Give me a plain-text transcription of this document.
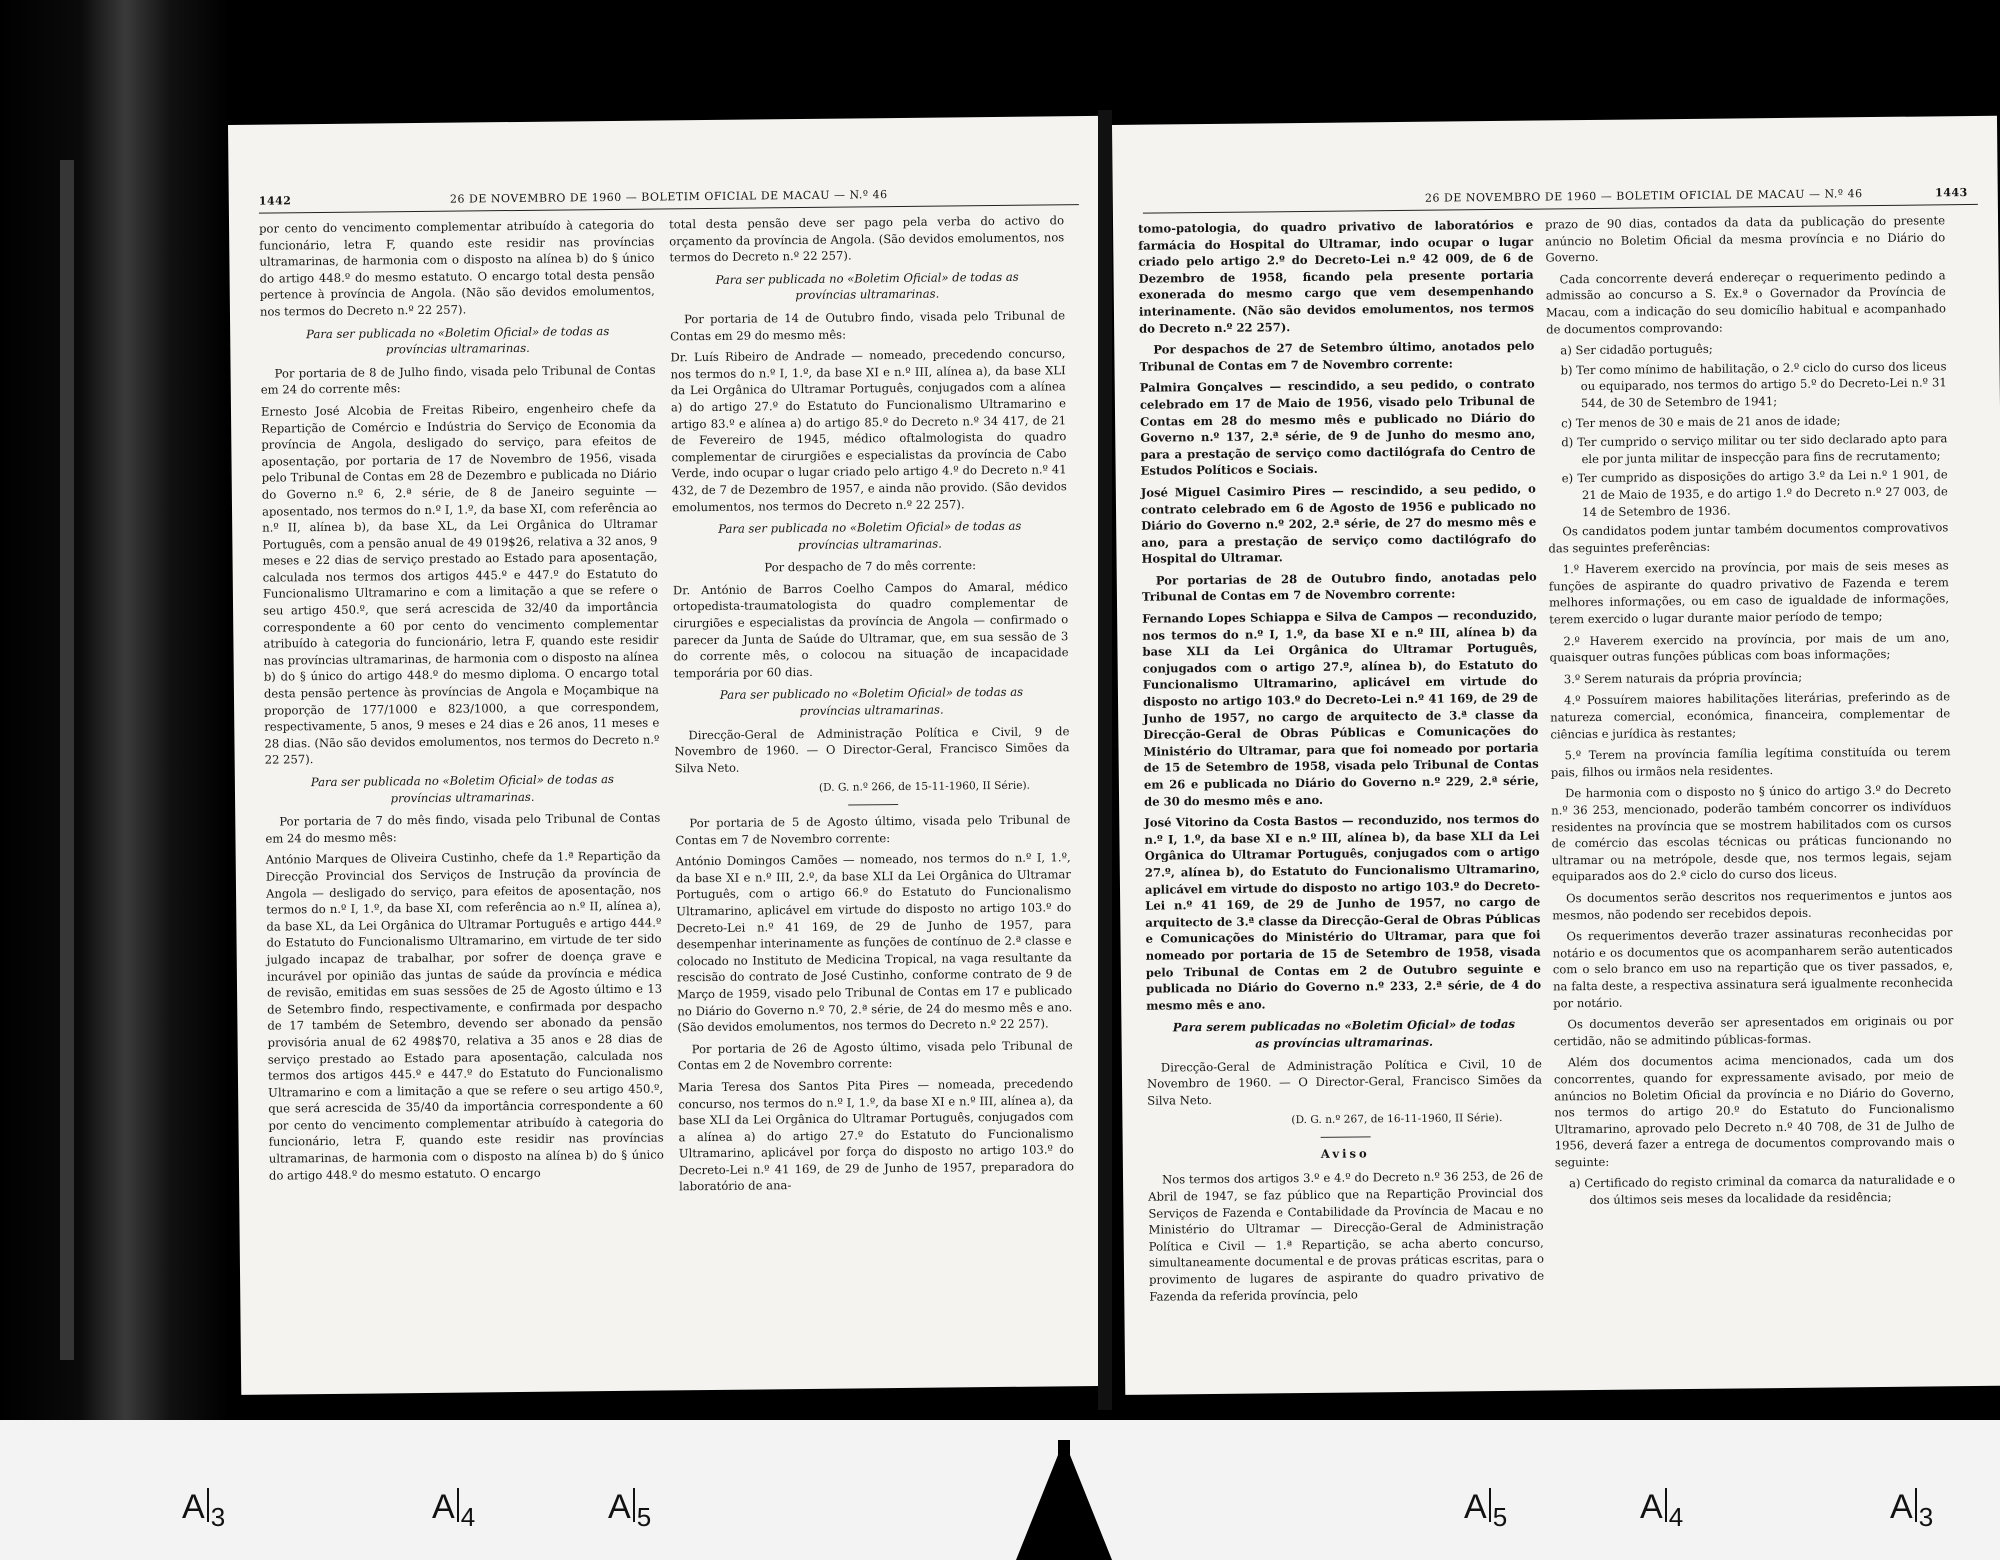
1442	26 DE NOVEMBRO DE 1960 — BOLETIM OFICIAL DE MACAU — N.º 46

por cento do vencimento complementar atribuído à categoria do funcionário, letra F, quando este residir nas províncias ultramarinas, de harmonia com o disposto na alínea b) do § único do artigo 448.º do mesmo estatuto. O encargo total desta pensão pertence à província de Angola. (Não são devidos emolumentos, nos termos do Decreto n.º 22 257).

Para ser publicada no «Boletim Oficial» de todas as províncias ultramarinas.

Por portaria de 8 de Julho findo, visada pelo Tribunal de Contas em 24 do corrente mês:

Ernesto José Alcobia de Freitas Ribeiro, engenheiro chefe da Repartição de Comércio e Indústria do Serviço de Economia da província de Angola, desligado do serviço, para efeitos de aposentação, por portaria de 17 de Novembro de 1956, visada pelo Tribunal de Contas em 28 de Dezembro e publicada no Diário do Governo n.º 6, 2.ª série, de 8 de Janeiro seguinte — aposentado, nos termos do n.º I, 1.º, da base XI, com referência ao n.º II, alínea b), da base XL, da Lei Orgânica do Ultramar Português, com a pensão anual de 49 019$26, relativa a 32 anos, 9 meses e 22 dias de serviço prestado ao Estado para aposentação, calculada nos termos dos artigos 445.º e 447.º do Estatuto do Funcionalismo Ultramarino e com a limitação a que se refere o seu artigo 450.º, que será acrescida de 32/40 da importância correspondente a 60 por cento do vencimento complementar atribuído à categoria do funcionário, letra F, quando este residir nas províncias ultramarinas, de harmonia com o disposto na alínea b) do § único do artigo 448.º do mesmo diploma. O encargo total desta pensão pertence às províncias de Angola e Moçambique na proporção de 177/1000 e 823/1000, a que correspondem, respectivamente, 5 anos, 9 meses e 24 dias e 26 anos, 11 meses e 28 dias. (Não são devidos emolumentos, nos termos do Decreto n.º 22 257).

Para ser publicada no «Boletim Oficial» de todas as províncias ultramarinas.

Por portaria de 7 do mês findo, visada pelo Tribunal de Contas em 24 do mesmo mês:

António Marques de Oliveira Custinho, chefe da 1.ª Repartição da Direcção Provincial dos Serviços de Instrução da província de Angola — desligado do serviço, para efeitos de aposentação, nos termos do n.º I, 1.º, da base XI, com referência ao n.º II, alínea a), da base XL, da Lei Orgânica do Ultramar Português e artigo 444.º do Estatuto do Funcionalismo Ultramarino, em virtude de ter sido julgado incapaz de trabalhar, por sofrer de doença grave e incurável por opinião das juntas de saúde da província e médica de revisão, emitidas em suas sessões de 25 de Agosto último e 13 de Setembro findo, respectivamente, e confirmada por despacho de 17 também de Setembro, devendo ser abonado da pensão provisória anual de 62 498$70, relativa a 35 anos e 28 dias de serviço prestado ao Estado para aposentação, calculada nos termos dos artigos 445.º e 447.º do Estatuto do Funcionalismo Ultramarino e com a limitação a que se refere o seu artigo 450.º, que será acrescida de 35/40 da importância correspondente a 60 por cento do vencimento complementar atribuído à categoria do funcionário, letra F, quando este residir nas províncias ultramarinas, de harmonia com o disposto na alínea b) do § único do artigo 448.º do mesmo estatuto. O encargo

total desta pensão deve ser pago pela verba do activo do orçamento da província de Angola. (São devidos emolumentos, nos termos do Decreto n.º 22 257).

Para ser publicada no «Boletim Oficial» de todas as províncias ultramarinas.

Por portaria de 14 de Outubro findo, visada pelo Tribunal de Contas em 29 do mesmo mês:

Dr. Luís Ribeiro de Andrade — nomeado, precedendo concurso, nos termos do n.º I, 1.º, da base XI e n.º III, alínea a), da base XLI da Lei Orgânica do Ultramar Português, conjugados com a alínea a) do artigo 27.º do Estatuto do Funcionalismo Ultramarino e artigo 83.º e alínea a) do artigo 85.º do Decreto n.º 34 417, de 21 de Fevereiro de 1945, médico oftalmologista do quadro complementar de cirurgiões e especialistas da província de Cabo Verde, indo ocupar o lugar criado pelo artigo 4.º do Decreto n.º 41 432, de 7 de Dezembro de 1957, e ainda não provido. (São devidos emolumentos, nos termos do Decreto n.º 22 257).

Para ser publicada no «Boletim Oficial» de todas as províncias ultramarinas.

Por despacho de 7 do mês corrente:

Dr. António de Barros Coelho Campos do Amaral, médico ortopedista-traumatologista do quadro complementar de cirurgiões e especialistas da província de Angola — confirmado o parecer da Junta de Saúde do Ultramar, que, em sua sessão de 3 do corrente mês, o colocou na situação de incapacidade temporária por 60 dias.

Para ser publicado no «Boletim Oficial» de todas as províncias ultramarinas.

Direcção-Geral de Administração Política e Civil, 9 de Novembro de 1960. — O Director-Geral, Francisco Simões da Silva Neto.

(D. G. n.º 266, de 15-11-1960, II Série).

Por portaria de 5 de Agosto último, visada pelo Tribunal de Contas em 7 de Novembro corrente:

António Domingos Camões — nomeado, nos termos do n.º I, 1.º, da base XI e n.º III, 2.º, da base XLI da Lei Orgânica do Ultramar Português, com o artigo 66.º do Estatuto do Funcionalismo Ultramarino, aplicável em virtude do disposto no artigo 103.º do Decreto-Lei n.º 41 169, de 29 de Junho de 1957, para desempenhar interinamente as funções de contínuo de 2.ª classe e colocado no Instituto de Medicina Tropical, na vaga resultante da rescisão do contrato de José Custinho, conforme contrato de 9 de Março de 1959, visado pelo Tribunal de Contas em 17 e publicado no Diário do Governo n.º 70, 2.ª série, de 24 do mesmo mês e ano. (São devidos emolumentos, nos termos do Decreto n.º 22 257).

Por portaria de 26 de Agosto último, visada pelo Tribunal de Contas em 2 de Novembro corrente:

Maria Teresa dos Santos Pita Pires — nomeada, precedendo concurso, nos termos do n.º I, 1.º, da base XI e n.º III, alínea a), da base XLI da Lei Orgânica do Ultramar Português, conjugados com a alínea a) do artigo 27.º do Estatuto do Funcionalismo Ultramarino, aplicável por força do disposto no artigo 103.º do Decreto-Lei n.º 41 169, de 29 de Junho de 1957, preparadora do laboratório de ana-

26 DE NOVEMBRO DE 1960 — BOLETIM OFICIAL DE MACAU — N.º 46	1443

tomo-patologia, do quadro privativo de laboratórios e farmácia do Hospital do Ultramar, indo ocupar o lugar criado pelo artigo 2.º do Decreto-Lei n.º 42 009, de 6 de Dezembro de 1958, ficando pela presente portaria exonerada do mesmo cargo que vem desempenhando interinamente. (Não são devidos emolumentos, nos termos do Decreto n.º 22 257).

Por despachos de 27 de Setembro último, anotados pelo Tribunal de Contas em 7 de Novembro corrente:

Palmira Gonçalves — rescindido, a seu pedido, o contrato celebrado em 17 de Maio de 1956, visado pelo Tribunal de Contas em 28 do mesmo mês e publicado no Diário do Governo n.º 137, 2.ª série, de 9 de Junho do mesmo ano, para a prestação de serviço como dactilógrafa do Centro de Estudos Políticos e Sociais.

José Miguel Casimiro Pires — rescindido, a seu pedido, o contrato celebrado em 6 de Agosto de 1956 e publicado no Diário do Governo n.º 202, 2.ª série, de 27 do mesmo mês e ano, para a prestação de serviço como dactilógrafo do Hospital do Ultramar.

Por portarias de 28 de Outubro findo, anotadas pelo Tribunal de Contas em 7 de Novembro corrente:

Fernando Lopes Schiappa e Silva de Campos — reconduzido, nos termos do n.º I, 1.º, da base XI e n.º III, alínea b) da base XLI da Lei Orgânica do Ultramar Português, conjugados com o artigo 27.º, alínea b), do Estatuto do Funcionalismo Ultramarino, aplicável em virtude do disposto no artigo 103.º do Decreto-Lei n.º 41 169, de 29 de Junho de 1957, no cargo de arquitecto de 3.ª classe da Direcção-Geral de Obras Públicas e Comunicações do Ministério do Ultramar, para que foi nomeado por portaria de 15 de Setembro de 1958, visada pelo Tribunal de Contas em 26 e publicada no Diário do Governo n.º 229, 2.ª série, de 30 do mesmo mês e ano.

José Vitorino da Costa Bastos — reconduzido, nos termos do n.º I, 1.º, da base XI e n.º III, alínea b), da base XLI da Lei Orgânica do Ultramar Português, conjugados com o artigo 27.º, alínea b), do Estatuto do Funcionalismo Ultramarino, aplicável em virtude do disposto no artigo 103.º do Decreto-Lei n.º 41 169, de 29 de Junho de 1957, no cargo de arquitecto de 3.ª classe da Direcção-Geral de Obras Públicas e Comunicações do Ministério do Ultramar, para que foi nomeado por portaria de 15 de Setembro de 1958, visada pelo Tribunal de Contas em 2 de Outubro seguinte e publicada no Diário do Governo n.º 233, 2.ª série, de 4 do mesmo mês e ano.

Para serem publicadas no «Boletim Oficial» de todas as províncias ultramarinas.

Direcção-Geral de Administração Política e Civil, 10 de Novembro de 1960. — O Director-Geral, Francisco Simões da Silva Neto.

(D. G. n.º 267, de 16-11-1960, II Série).

Aviso

Nos termos dos artigos 3.º e 4.º do Decreto n.º 36 253, de 26 de Abril de 1947, se faz público que na Repartição Provincial dos Serviços de Fazenda e Contabilidade da Província de Macau e no Ministério do Ultramar — Direcção-Geral de Administração Política e Civil — 1.ª Repartição, se acha aberto concurso, simultaneamente documental e de provas práticas escritas, para o provimento de lugares de aspirante do quadro privativo de Fazenda da referida província, pelo

prazo de 90 dias, contados da data da publicação do presente anúncio no Boletim Oficial da mesma província e no Diário do Governo.

Cada concorrente deverá endereçar o requerimento pedindo a admissão ao concurso a S. Ex.ª o Governador da Província de Macau, com a indicação do seu domicílio habitual e acompanhado de documentos comprovando:

a) Ser cidadão português;

b) Ter como mínimo de habilitação, o 2.º ciclo do curso dos liceus ou equiparado, nos termos do artigo 5.º do Decreto-Lei n.º 31 544, de 30 de Setembro de 1941;

c) Ter menos de 30 e mais de 21 anos de idade;

d) Ter cumprido o serviço militar ou ter sido declarado apto para ele por junta militar de inspecção para fins de recrutamento;

e) Ter cumprido as disposições do artigo 3.º da Lei n.º 1 901, de 21 de Maio de 1935, e do artigo 1.º do Decreto n.º 27 003, de 14 de Setembro de 1936.

Os candidatos podem juntar também documentos comprovativos das seguintes preferências:

1.º Haverem exercido na província, por mais de seis meses as funções de aspirante do quadro privativo de Fazenda e terem melhores informações, ou em caso de igualdade de informações, terem exercido o lugar durante maior período de tempo;

2.º Haverem exercido na província, por mais de um ano, quaisquer outras funções públicas com boas informações;

3.º Serem naturais da própria província;

4.º Possuírem maiores habilitações literárias, preferindo as de natureza comercial, económica, financeira, complementar de ciências e jurídica às restantes;

5.º Terem na província família legítima constituída ou terem pais, filhos ou irmãos nela residentes.

De harmonia com o disposto no § único do artigo 3.º do Decreto n.º 36 253, mencionado, poderão também concorrer os indivíduos residentes na província que se mostrem habilitados com os cursos de comércio das escolas técnicas ou práticas funcionando no ultramar ou na metrópole, desde que, nos termos legais, sejam equiparados aos do 2.º ciclo do curso dos liceus.

Os documentos serão descritos nos requerimentos e juntos aos mesmos, não podendo ser recebidos depois.

Os requerimentos deverão trazer assinaturas reconhecidas por notário e os documentos que os acompanharem serão autenticados com o selo branco em uso na repartição que os tiver passados, e, na falta deste, a respectiva assinatura será igualmente reconhecida por notário.

Os documentos deverão ser apresentados em originais ou por certidão, não se admitindo públicas-formas.

Além dos documentos acima mencionados, cada um dos concorrentes, quando for expressamente avisado, por meio de anúncios no Boletim Oficial da província e no Diário do Governo, nos termos do artigo 20.º do Estatuto do Funcionalismo Ultramarino, aprovado pelo Decreto n.º 40 708, de 31 de Julho de 1956, deverá fazer a entrega de documentos comprovando mais o seguinte:

a) Certificado do registo criminal da comarca da naturalidade e o dos últimos seis meses da localidade da residência;

A $_3$	A $_4$	A $_5$	A $_5$	A $_4$	A $_3$
